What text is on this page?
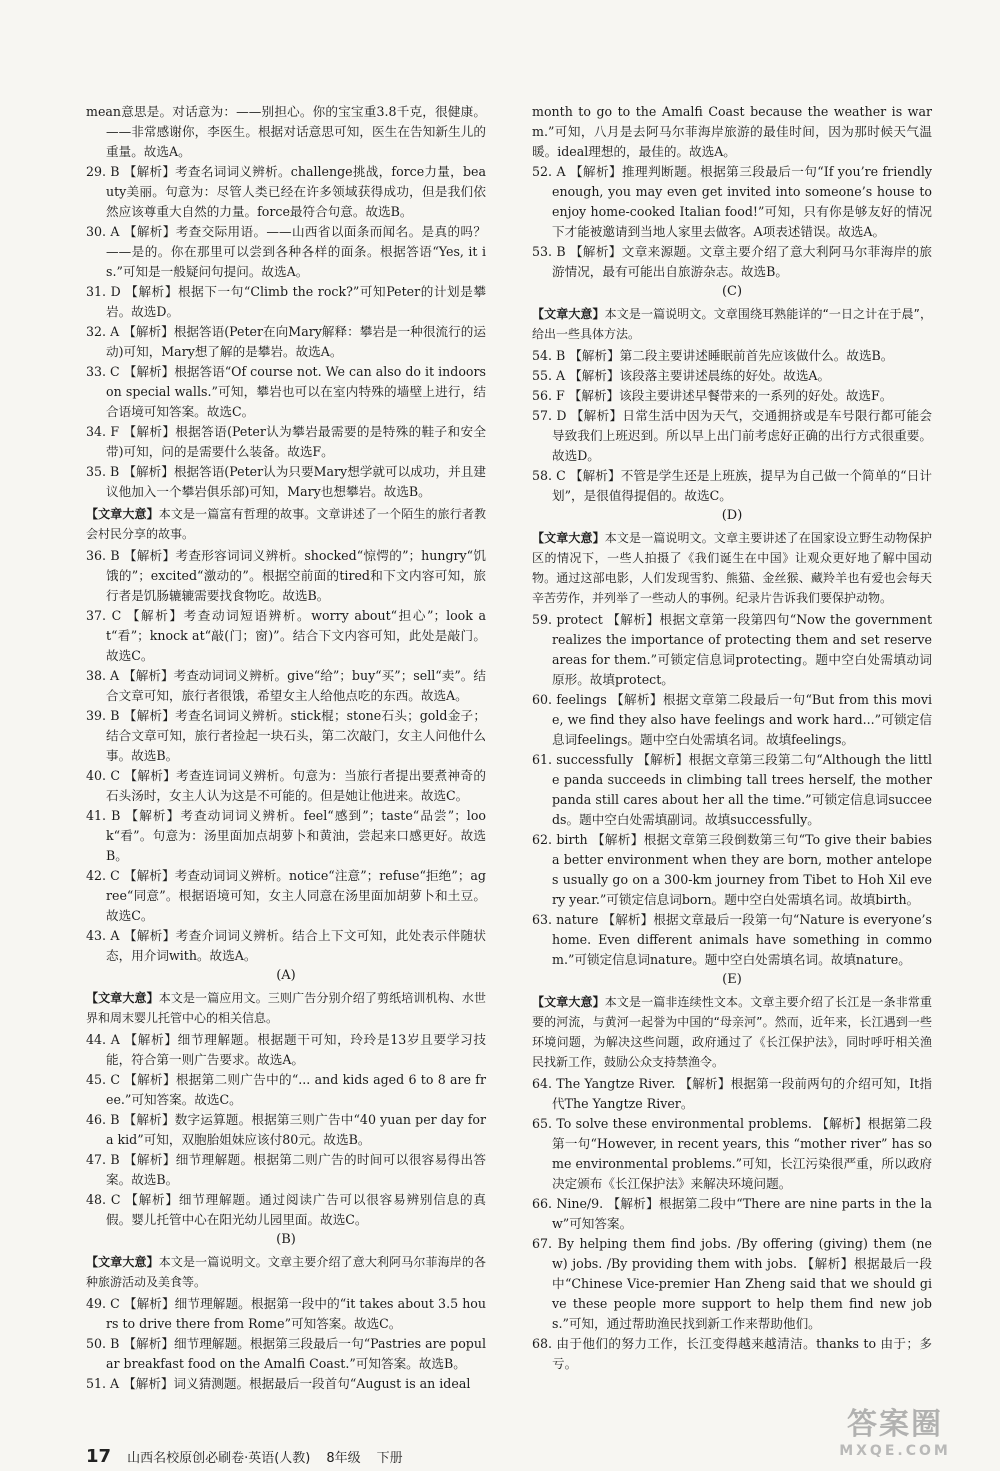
mean意思是。对话意为：——别担心。你的宝宝重3.8千克，很健康。——非常感谢你，李医生。根据对话意思可知，医生在告知新生儿的重量。故选A。
29. B 【解析】考查名词词义辨析。challenge挑战，force力量，beauty美丽。句意为：尽管人类已经在许多领域获得成功，但是我们依然应该尊重大自然的力量。force最符合句意。故选B。
30. A 【解析】考查交际用语。——山西省以面条而闻名。是真的吗？——是的。你在那里可以尝到各种各样的面条。根据答语“Yes, it is.”可知是一般疑问句提问。故选A。
31. D 【解析】根据下一句“Climb the rock?”可知Peter的计划是攀岩。故选D。
32. A 【解析】根据答语(Peter在向Mary解释：攀岩是一种很流行的运动)可知，Mary想了解的是攀岩。故选A。
33. C 【解析】根据答语“Of course not. We can also do it indoors on special walls.”可知，攀岩也可以在室内特殊的墙壁上进行，结合语境可知答案。故选C。
34. F 【解析】根据答语(Peter认为攀岩最需要的是特殊的鞋子和安全带)可知，问的是需要什么装备。故选F。
35. B 【解析】根据答语(Peter认为只要Mary想学就可以成功，并且建议他加入一个攀岩俱乐部)可知，Mary也想攀岩。故选B。
【文章大意】本文是一篇富有哲理的故事。文章讲述了一个陌生的旅行者教会村民分享的故事。
36. B 【解析】考查形容词词义辨析。shocked“惊愕的”；hungry“饥饿的”；excited“激动的”。根据空前面的tired和下文内容可知，旅行者是饥肠辘辘需要找食物吃。故选B。
37. C 【解析】考查动词短语辨析。worry about“担心”；look at“看”；knock at“敲(门；窗)”。结合下文内容可知，此处是敲门。故选C。
38. A 【解析】考查动词词义辨析。give“给”；buy“买”；sell“卖”。结合文章可知，旅行者很饿，希望女主人给他点吃的东西。故选A。
39. B 【解析】考查名词词义辨析。stick棍；stone石头；gold金子；结合文章可知，旅行者捡起一块石头，第二次敲门，女主人问他什么事。故选B。
40. C 【解析】考查连词词义辨析。句意为：当旅行者提出要煮神奇的石头汤时，女主人认为这是不可能的。但是她让他进来。故选C。
41. B 【解析】考查动词词义辨析。feel“感到”；taste“品尝”；look“看”。句意为：汤里面加点胡萝卜和黄油，尝起来口感更好。故选B。
42. C 【解析】考查动词词义辨析。notice“注意”；refuse“拒绝”；agree“同意”。根据语境可知，女主人同意在汤里面加胡萝卜和土豆。故选C。
43. A 【解析】考查介词词义辨析。结合上下文可知，此处表示伴随状态，用介词with。故选A。
(A)
【文章大意】本文是一篇应用文。三则广告分别介绍了剪纸培训机构、水世界和周末婴儿托管中心的相关信息。
44. A 【解析】细节理解题。根据题干可知，玲玲是13岁且要学习技能，符合第一则广告要求。故选A。
45. C 【解析】根据第二则广告中的“... and kids aged 6 to 8 are free.”可知答案。故选C。
46. B 【解析】数字运算题。根据第三则广告中“40 yuan per day for a kid”可知，双胞胎姐妹应该付80元。故选B。
47. B 【解析】细节理解题。根据第二则广告的时间可以很容易得出答案。故选B。
48. C 【解析】细节理解题。通过阅读广告可以很容易辨别信息的真假。婴儿托管中心在阳光幼儿园里面。故选C。
(B)
【文章大意】本文是一篇说明文。文章主要介绍了意大利阿马尔菲海岸的各种旅游活动及美食等。
49. C 【解析】细节理解题。根据第一段中的“it takes about 3.5 hours to drive there from Rome”可知答案。故选C。
50. B 【解析】细节理解题。根据第三段最后一句“Pastries are popular breakfast food on the Amalfi Coast.”可知答案。故选B。
51. A 【解析】词义猜测题。根据最后一段首句“August is an ideal
month to go to the Amalfi Coast because the weather is warm.”可知，八月是去阿马尔菲海岸旅游的最佳时间，因为那时候天气温暖。ideal理想的，最佳的。故选A。
52. A 【解析】推理判断题。根据第三段最后一句“If you’re friendly enough, you may even get invited into someone’s house to enjoy home-cooked Italian food!”可知，只有你是够友好的情况下才能被邀请到当地人家里去做客。A项表述错误。故选A。
53. B 【解析】文章来源题。文章主要介绍了意大利阿马尔菲海岸的旅游情况，最有可能出自旅游杂志。故选B。
(C)
【文章大意】本文是一篇说明文。文章围绕耳熟能详的“一日之计在于晨”，给出一些具体方法。
54. B 【解析】第二段主要讲述睡眠前首先应该做什么。故选B。
55. A 【解析】该段落主要讲述晨练的好处。故选A。
56. F 【解析】该段主要讲述早餐带来的一系列的好处。故选F。
57. D 【解析】日常生活中因为天气，交通拥挤或是车号限行都可能会导致我们上班迟到。所以早上出门前考虑好正确的出行方式很重要。故选D。
58. C 【解析】不管是学生还是上班族，提早为自己做一个简单的“日计划”，是很值得提倡的。故选C。
(D)
【文章大意】本文是一篇说明文。文章主要讲述了在国家设立野生动物保护区的情况下，一些人拍摄了《我们诞生在中国》让观众更好地了解中国动物。通过这部电影，人们发现雪豹、熊猫、金丝猴、藏羚羊也有爱也会每天辛苦劳作，并列举了一些动人的事例。纪录片告诉我们要保护动物。
59. protect 【解析】根据文章第一段第四句“Now the government realizes the importance of protecting them and set reserve areas for them.”可锁定信息词protecting。题中空白处需填动词原形。故填protect。
60. feelings 【解析】根据文章第二段最后一句“But from this movie, we find they also have feelings and work hard...”可锁定信息词feelings。题中空白处需填名词。故填feelings。
61. successfully 【解析】根据文章第三段第二句“Although the little panda succeeds in climbing tall trees herself, the mother panda still cares about her all the time.”可锁定信息词succeeds。题中空白处需填副词。故填successfully。
62. birth 【解析】根据文章第三段倒数第三句“To give their babies a better environment when they are born, mother antelopes usually go on a 300-km journey from Tibet to Hoh Xil every year.”可锁定信息词born。题中空白处需填名词。故填birth。
63. nature 【解析】根据文章最后一段第一句“Nature is everyone’s home. Even different animals have something in commom.”可锁定信息词nature。题中空白处需填名词。故填nature。
(E)
【文章大意】本文是一篇非连续性文本。文章主要介绍了长江是一条非常重要的河流，与黄河一起誉为中国的“母亲河”。然而，近年来，长江遇到一些环境问题，为解决这些问题，政府通过了《长江保护法》，同时呼吁相关渔民找新工作，鼓励公众支持禁渔令。
64. The Yangtze River. 【解析】根据第一段前两句的介绍可知，It指代The Yangtze River。
65. To solve these environmental problems. 【解析】根据第二段第一句“However, in recent years, this “mother river” has some environmental problems.”可知，长江污染很严重，所以政府决定颁布《长江保护法》来解决环境问题。
66. Nine/9. 【解析】根据第二段中“There are nine parts in the law”可知答案。
67. By helping them find jobs. /By offering (giving) them (new) jobs. /By providing them with jobs. 【解析】根据最后一段中“Chinese Vice-premier Han Zheng said that we should give these people more support to help them find new jobs.”可知，通过帮助渔民找到新工作来帮助他们。
68. 由于他们的努力工作，长江变得越来越清洁。thanks to 由于；多亏。
17 山西名校原创必刷卷·英语(人教) 8年级 下册
答案圈
MXQE.COM
